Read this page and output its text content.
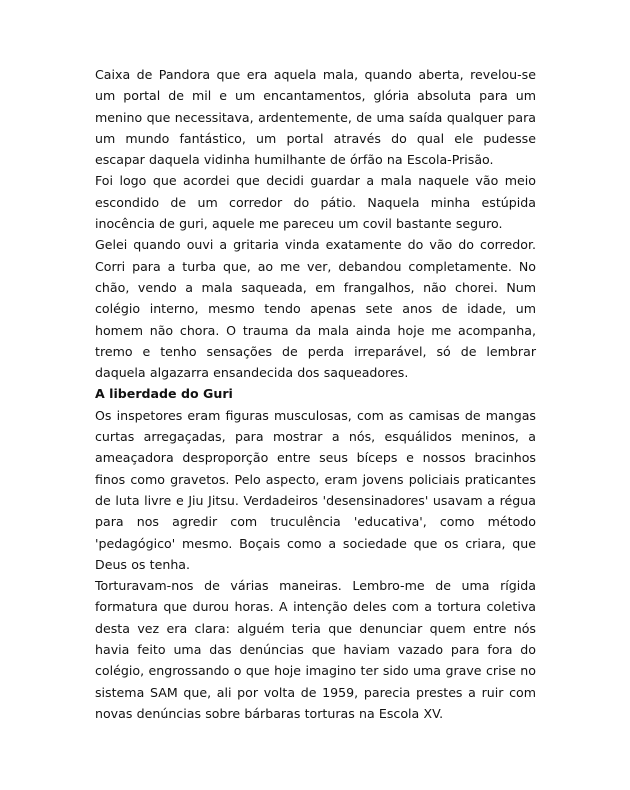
Caixa de Pandora que era aquela mala, quando aberta, revelou-se um portal de mil e um encantamentos, glória absoluta para um menino que necessitava, ardentemente, de uma saída qualquer para um mundo fantástico, um portal através do qual ele pudesse escapar daquela vidinha humilhante de órfão na Escola-Prisão.

Foi logo que acordei que decidi guardar a mala naquele vão meio escondido de um corredor do pátio. Naquela minha estúpida inocência de guri, aquele me pareceu um covil bastante seguro.

Gelei quando ouvi a gritaria vinda exatamente do vão do corredor. Corri para a turba que, ao me ver, debandou completamente. No chão, vendo a mala saqueada, em frangalhos, não chorei. Num colégio interno, mesmo tendo apenas sete anos de idade, um homem não chora. O trauma da mala ainda hoje me acompanha, tremo e tenho sensações de perda irreparável, só de lembrar daquela algazarra ensandecida dos saqueadores.

A liberdade do Guri

Os inspetores eram figuras musculosas, com as camisas de mangas curtas arregaçadas, para mostrar a nós, esquálidos meninos, a ameaçadora desproporção entre seus bíceps e nossos bracinhos finos como gravetos. Pelo aspecto, eram jovens policiais praticantes de luta livre e Jiu Jitsu. Verdadeiros 'desensinadores' usavam a régua para nos agredir com truculência 'educativa', como método 'pedagógico' mesmo. Boçais como a sociedade que os criara, que Deus os tenha.

Torturavam-nos de várias maneiras. Lembro-me de uma rígida formatura que durou horas. A intenção deles com a tortura coletiva desta vez era clara: alguém teria que denunciar quem entre nós havia feito uma das denúncias que haviam vazado para fora do colégio, engrossando o que hoje imagino ter sido uma grave crise no sistema SAM que, ali por volta de 1959, parecia prestes a ruir com novas denúncias sobre bárbaras torturas na Escola XV.
